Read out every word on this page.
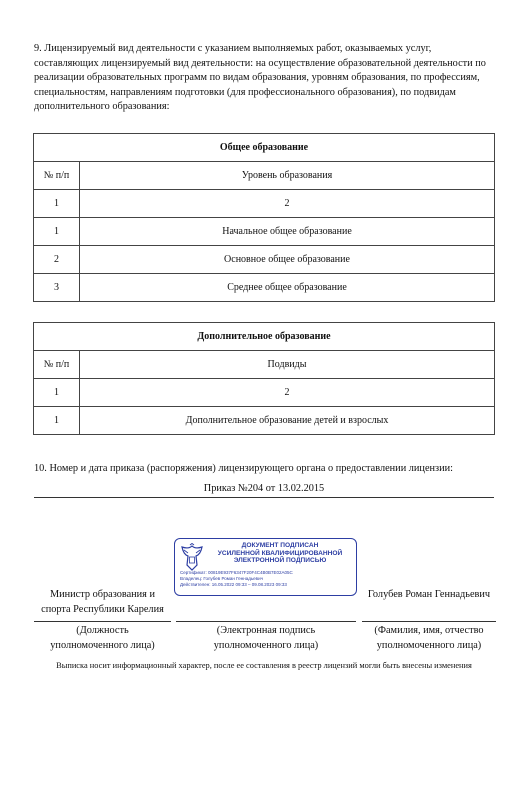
9. Лицензируемый вид деятельности с указанием выполняемых работ, оказываемых услуг, составляющих лицензируемый вид деятельности: на осуществление образовательной деятельности по реализации образовательных программ по видам образования, уровням образования, по профессиям, специальностям, направлениям подготовки (для профессионального образования), по подвидам дополнительного образования:
Общее образование	
№ п/п	Уровень образования
1	2
1	Начальное общее образование
2	Основное общее образование
3	Среднее общее образование
Дополнительное образование	
№ п/п	Подвиды
1	2
1	Дополнительное образование детей и взрослых
10. Номер и дата приказа (распоряжения) лицензирующего органа о предоставлении лицензии:
Приказ №204 от 13.02.2015
ДОКУМЕНТ ПОДПИСАН
УСИЛЕННОЙ КВАЛИФИЦИРОВАННОЙ
ЭЛЕКТРОННОЙ ПОДПИСЬЮ
Сертификат: 00819E937F6347F20F4C4B0B7E02A05C
Владелец: Голубев Роман Геннадьевич
Действителен: 16.05.2022 09:33 – 09.08.2023 09:33
Министр образования и
спорта Республики Карелия
Голубев Роман Геннадьевич
(Должность
уполномоченного лица)
(Электронная подпись
уполномоченного лица)
(Фамилия, имя, отчество
уполномоченного лица)
Выписка носит информационный характер, после ее составления в реестр лицензий могли быть внесены изменения
